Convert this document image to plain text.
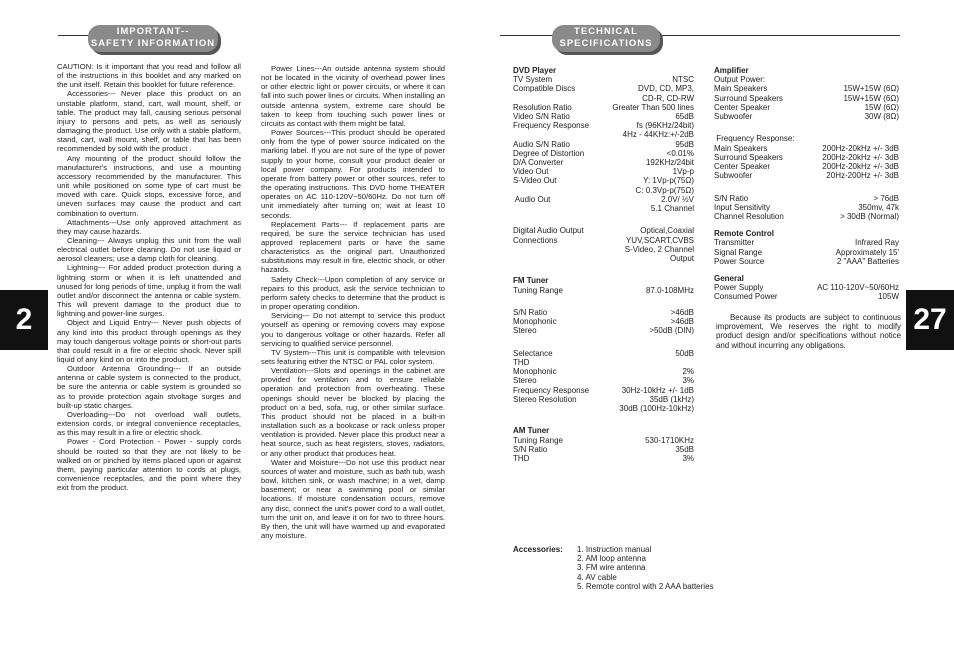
IMPORTANT--
SAFETY INFORMATION
2

CAUTION: Is it important that you read and follow all of the instructions in this booklet and any marked on the unit itself. Retain this booklet for future reference.

Accessories--- Never place this product on an unstable platform, stand, cart, wall mount, shelf, or table. The product may fall, causing serious personal injury to persons and pets, as well as seriously damaging the product. Use only with a stable platform, stand, cart, wall mount, shelf, or table that has been recommended by sold with the product .

Any mounting of the product should follow the manufacturer's instructions, and use a mounting accessory recommended by the manufacturer. This unit while positioned on some type of cart must be moved with care. Quick stops, excessive force, and uneven surfaces may cause the product and cart combination to overturn.

Attachments---Use only approved attachment as they may cause hazards.

Cleaning--- Always unplug this unit from the wall electrical outlet before cleaning. Do not use liquid or aerosol cleaners; use a damp cloth for cleaning.

Lightning--- For added product protection during a lightning storm or when it is left unattended and unused for long periods of time, unplug it from the wall outlet and/or disconnect the antenna or cable system. This will prevent damage to the product due to lightning and power-line surges.

Object and Liquid Entry--- Never push objects of any kind into this product through openings as they may touch dangerous voltage points or short-out parts that could result in a fire or electric shock. Never spill liquid of any kind on or into the product.

Outdoor Antenna Grounding--- If an outside antenna or cable system is connected to the product, be sure the antenna or cable system is grounded so as to provide protection again stvoltage surges and built-up static charges.

Overloading---Do not overload wall outlets, extension cords, or integral convenience receptacles, as this may result in a fire or electric shock.

Power - Cord Protection - Power - supply cords should be routed so that they are not likely to be walked on or pinched by items placed upon or against them, paying particular attention to cords at plugs, convenience receptacles, and the point where they exit from the product.

Power Lines---An outside antenna system should not be located in the vicinity of overhead power lines or other electric light or power circuits, or where it can fall into such power lines or circuits. When installing an outside antenna system, extreme care should be taken to keep from touching such power lines or circuits as contact with them might be fatal.

Power Sources---This product should be operated only from the type of power source indicated on the marking label. If you are not sure of the type of power supply to your home, consult your product dealer or local power company. For products intended to operate from battery power or other sources, refer to the operating instructions. This DVD home THEATER operates on AC 110-120V~50/60Hz. Do not turn off unit immediately after turning on; wait at least 10 seconds.

Replacement Parts--- If replacement parts are required, be sure the service technician has used approved replacement parts or have the same characteristics as the original part. Unauthorized substitutions may result in fire, electric shock, or other hazards.

Safety Check---Upon completion of any service or repairs to this product, ask the service technician to perform safety checks to determine that the product is in proper operating condition.

Servicing--- Do not attempt to service this product yourself as opening or removing covers may expose you to dangerous voltage or other hazards. Refer all servicing to qualified service personnel.

TV System---This unit is compatible with television sets featuring either the NTSC or PAL color system.

Ventilation---Slots and openings in the cabinet are provided for ventilation and to ensure reliable operation and protection from overheating. These openings should never be blocked by placing the product on a bed, sofa, rug, or other similar surface. This product should not be placed in a built-in installation such as a bookcase or rack unless proper ventilation is provided. Never place this product near a heat source, such as heat registers, stoves, radiators, or any other product that produces heat.

Water and Moisture---Do not use this product near sources of water and moisture, such as bath tub, wash bowl, kitchen sink, or wash machine; in a wet, damp basement; or near a swimming pool or similar locations. If moisture condensation occurs, remove any disc, connect the unit's power cord to a wall outlet, turn the unit on, and leave it on for two to three hours. By then, the unit will have warmed up and evaporated any moisture.

TECHNICAL
SPECIFICATIONS
27
DVD Player
TV System	NTSC
Compatible Discs	DVD, CD, MP3,
CD-R, CD-RW
Resolution Ratio	Greater Than 500 lines
Video S/N Ratio	65dB
Frequency Response	fs (96KHz/24bit)
4Hz - 44KHz:+/-2dB
Audio S/N Ratio	95dB
Degree of Distortion	<0.01%
D/A Converter	192KHz/24bit
Video Out	1Vp-p
S-Video Out	Y: 1Vp-p(75Ω)
C: 0.3Vp-p(75Ω)
Audio Out	2.0V/ ½V
5.1 Channel
Digital Audio Output	Optical,Coaxial
Connections	YUV,SCART,CVBS
S-Video, 2 Channel
Output
FM Tuner
Tuning Range	87.0-108MHz
S/N Ratio	>46dB
Monophonic	>46dB
Stereo	>50dB (DIN)
Selectance	50dB
THD
Monophonic	2%
Stereo	3%
Frequency Response	30Hz-10kHz +/- 1dB
Stereo Resolution	35dB (1kHz)
30dB (100Hz-10kHz)
AM Tuner
Tuning Range	530-1710KHz
S/N Ratio	35dB
THD	3%
Amplifier
Output Power:
Main Speakers	15W+15W (6Ω)
Surround Speakers	15W+15W (6Ω)
Center Speaker	15W (6Ω)
Subwoofer	30W (8Ω)
Frequency Response:
Main Speakers	200Hz-20kHz +/- 3dB
Surround Speakers	200Hz-20kHz +/- 3dB
Center Speaker	200Hz-20kHz +/- 3dB
Subwoofer	20Hz-200Hz +/- 3dB
S/N Ratio	> 76dB
Input Sensitivity	350mv, 47k
Channel Resolution	> 30dB (Normal)
Remote Control
Transmitter	Infrared Ray
Signal Range	Approximately 15'
Power Source	2 "AAA" Batteries
General
Power Supply	AC 110-120V~50/60Hz
Consumed Power	105W

Because its products are subject to continuous improvement, We reserves the right to modify product design and/or specifications without notice and without incurring any obligations.

Accessories: 1. Instruction manual
2. AM loop antenna
3. FM wire antenna
4. AV cable
5. Remote control with 2 AAA batteries
